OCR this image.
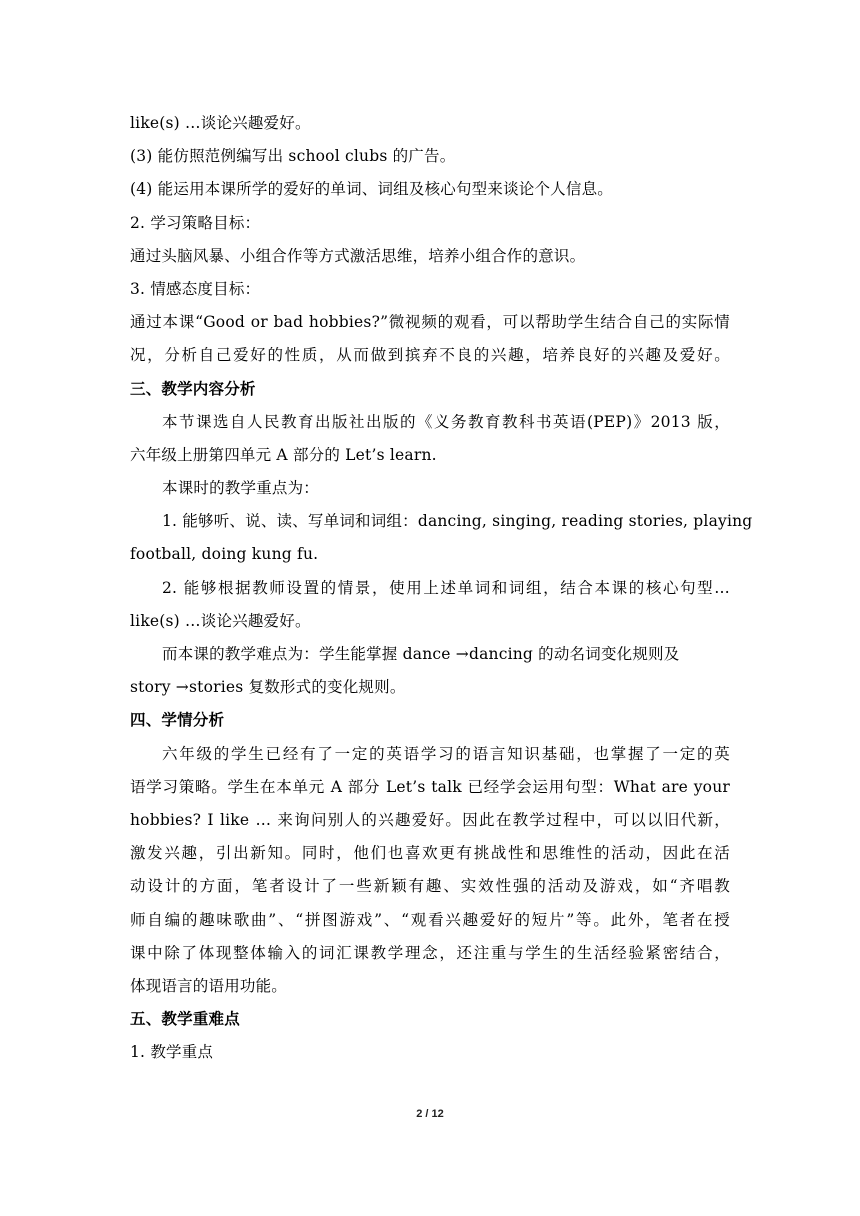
like(s) …谈论兴趣爱好。
(3) 能仿照范例编写出 school clubs 的广告。
(4) 能运用本课所学的爱好的单词、词组及核心句型来谈论个人信息。
2. 学习策略目标：
通过头脑风暴、小组合作等方式激活思维，培养小组合作的意识。
3. 情感态度目标：
通过本课“Good or bad hobbies?”微视频的观看，可以帮助学生结合自己的实际情
况，分析自己爱好的性质，从而做到摈弃不良的兴趣，培养良好的兴趣及爱好。
三、教学内容分析
本节课选自人民教育出版社出版的《义务教育教科书英语(PEP)》2013 版，
六年级上册第四单元 A 部分的 Let’s learn.
本课时的教学重点为：
1. 能够听、说、读、写单词和词组：dancing, singing, reading stories, playing
football, doing kung fu.
2. 能够根据教师设置的情景，使用上述单词和词组，结合本课的核心句型…
like(s) …谈论兴趣爱好。
而本课的教学难点为：学生能掌握 dance →dancing 的动名词变化规则及
story →stories 复数形式的变化规则。
四、学情分析
六年级的学生已经有了一定的英语学习的语言知识基础，也掌握了一定的英
语学习策略。学生在本单元 A 部分 Let’s talk 已经学会运用句型：What are your
hobbies? I like … 来询问别人的兴趣爱好。因此在教学过程中，可以以旧代新，
激发兴趣，引出新知。同时，他们也喜欢更有挑战性和思维性的活动，因此在活
动设计的方面，笔者设计了一些新颖有趣、实效性强的活动及游戏，如“齐唱教
师自编的趣味歌曲”、“拼图游戏”、“观看兴趣爱好的短片”等。此外，笔者在授
课中除了体现整体输入的词汇课教学理念，还注重与学生的生活经验紧密结合，
体现语言的语用功能。
五、教学重难点
1. 教学重点
2 / 12
